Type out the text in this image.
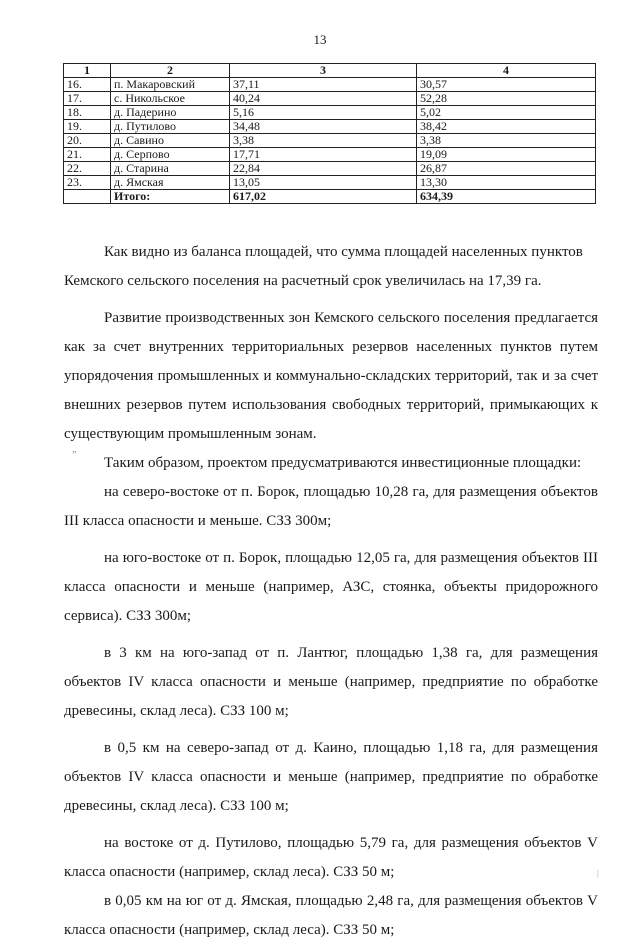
13
1	2	3	4
16.	п. Макаровский	37,11	30,57
17.	с. Никольское	40,24	52,28
18.	д. Падерино	5,16	5,02
19.	д. Путилово	34,48	38,42
20.	д. Савино	3,38	3,38
21.	д. Серпово	17,71	19,09
22.	д. Старина	22,84	26,87
23.	д. Ямская	13,05	13,30
	Итого:	617,02	634,39

Как видно из баланса площадей, что сумма площадей населенных пунктов Кемского сельского поселения на расчетный срок увеличилась на 17,39 га.

Развитие производственных зон Кемского сельского поселения предлагается как за счет внутренних территориальных резервов населенных пунктов путем упорядочения промышленных и коммунально-складских территорий, так и за счет внешних резервов путем использования свободных территорий, примыкающих к существующим промышленным зонам.

Таким образом, проектом предусматриваются инвестиционные площадки:

на северо-востоке от п. Борок, площадью 10,28 га, для размещения объектов III класса опасности и меньше. СЗЗ 300м;

на юго-востоке от п. Борок, площадью 12,05 га, для размещения объектов III класса опасности и меньше (например, АЗС, стоянка, объекты придорожного сервиса). СЗЗ 300м;

в 3 км на юго-запад от п. Лантюг, площадью 1,38 га, для размещения объектов IV класса опасности и меньше (например, предприятие по обработке древесины, склад леса). СЗЗ 100 м;

в 0,5 км на северо-запад от д. Каино, площадью 1,18 га, для размещения объектов IV класса опасности и меньше (например, предприятие по обработке древесины, склад леса). СЗЗ 100 м;

на востоке от д. Путилово, площадью 5,79 га, для размещения объектов V класса опасности (например, склад леса). СЗЗ 50 м;

в 0,05 км на юг от д. Ямская, площадью 2,48 га, для размещения объектов V класса опасности (например, склад леса). СЗЗ 50 м;

„
|
